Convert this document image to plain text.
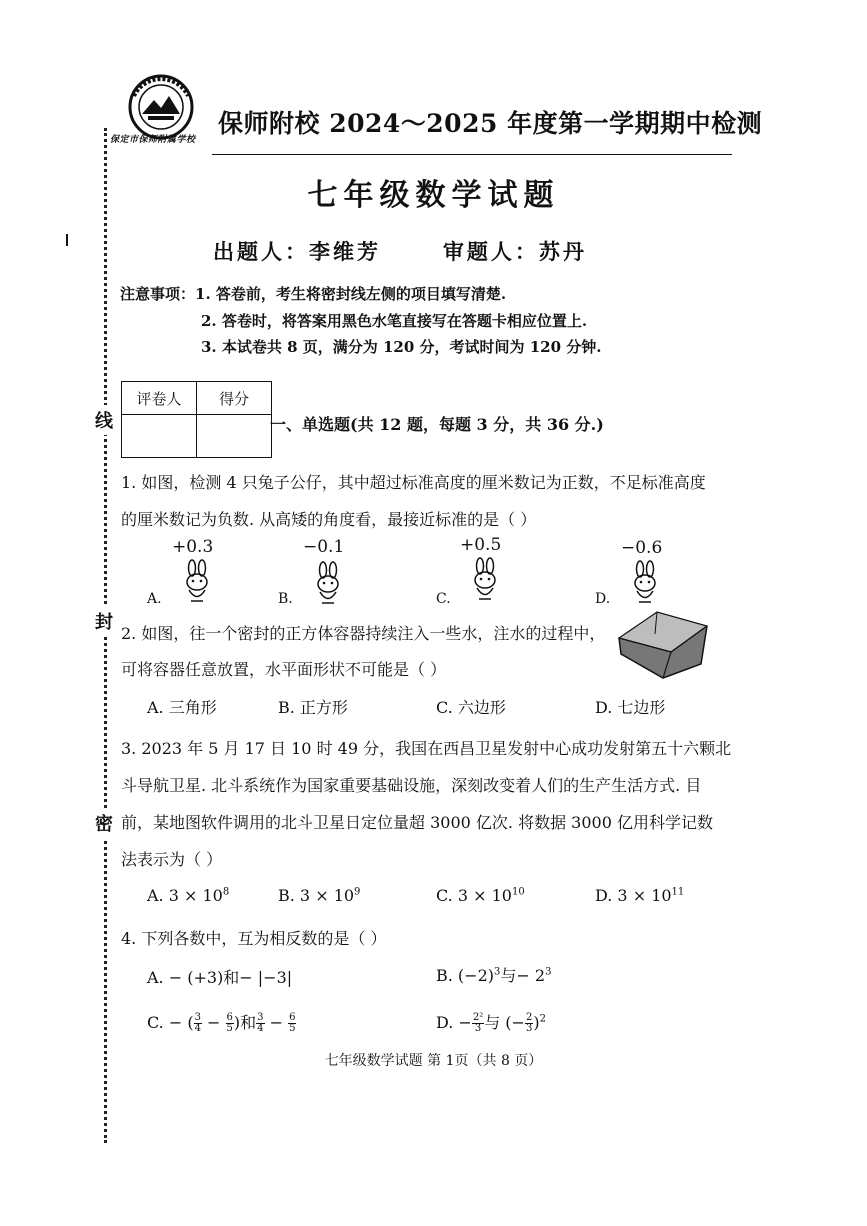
线
封
密
保定市保师附属学校
保师附校 2024～2025 年度第一学期期中检测
七年级数学试题
出题人：李维芳      审题人：苏丹
注意事项：1. 答卷前，考生将密封线左侧的项目填写清楚.
2. 答卷时，将答案用黑色水笔直接写在答题卡相应位置上.
3. 本试卷共 8 页，满分为 120 分，考试时间为 120 分钟.
评卷人	得分

一、单选题(共 12 题，每题 3 分，共 36 分.)
1. 如图，检测 4 只兔子公仔，其中超过标准高度的厘米数记为正数，不足标准高度
的厘米数记为负数. 从高矮的角度看，最接近标准的是（ ）
+0.3	−0.1	+0.5	−0.6
A.	B.	C.	D.
2. 如图，往一个密封的正方体容器持续注入一些水，注水的过程中，
可将容器任意放置，水平面形状不可能是（ ）
A. 三角形	B. 正方形	C. 六边形	D. 七边形
3. 2023 年 5 月 17 日 10 时 49 分，我国在西昌卫星发射中心成功发射第五十六颗北
斗导航卫星. 北斗系统作为国家重要基础设施，深刻改变着人们的生产生活方式. 目
前，某地图软件调用的北斗卫星日定位量超 3000 亿次. 将数据 3000 亿用科学记数
法表示为（ ）
A. $3 \times 10^8$	B. $3 \times 10^9$	C. $3 \times 10^{10}$	D. $3 \times 10^{11}$
4. 下列各数中，互为相反数的是（ ）
A. − (+3)和− |−3|	B. $(-2)^3$与− $2^3$
C. − ( $\frac{3}{4} - \frac{6}{5}$ )和 $\frac{3}{4} - \frac{6}{5}$	D. − $\frac{\text{2²}}{3}$ 与 (− $\frac{2}{3} )^2$
七年级数学试题 第 1页（共 8 页）
